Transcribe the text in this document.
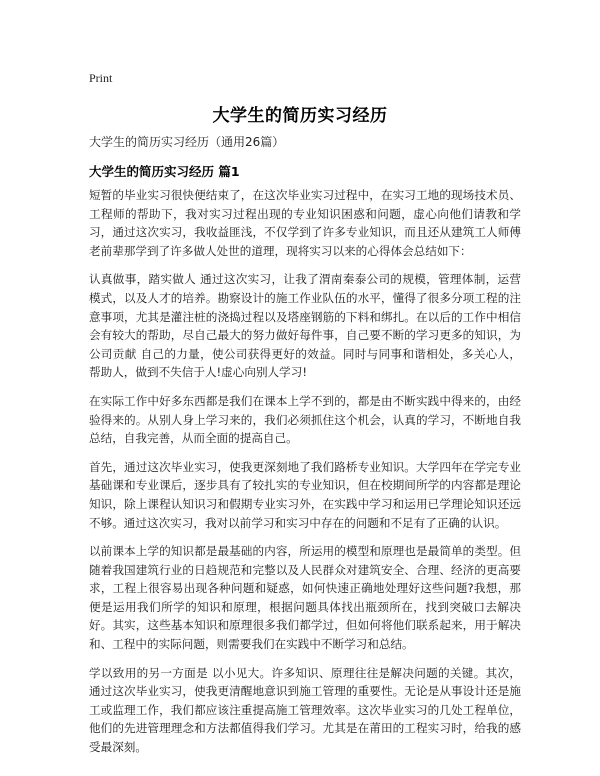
Print
大学生的简历实习经历
大学生的简历实习经历（通用26篇）
大学生的简历实习经历 篇1

短暂的毕业实习很快便结束了，在这次毕业实习过程中，在实习工地的现场技术员、工程师的帮助下，我对实习过程出现的专业知识困惑和问题，虚心向他们请教和学习，通过这次实习，我收益匪浅，不仅学到了许多专业知识，而且还从建筑工人师傅老前辈那学到了许多做人处世的道理，现将实习以来的心得体会总结如下：

认真做事，踏实做人 通过这次实习，让我了渭南秦泰公司的规模，管理体制，运营模式，以及人才的培养。勘察设计的施工作业队伍的水平，懂得了很多分项工程的注意事项，尤其是灌注桩的浇捣过程以及塔座钢筋的下料和绑扎。在以后的工作中相信会有较大的帮助，尽自己最大的努力做好每件事，自己要不断的学习更多的知识，为公司贡献 自己的力量，使公司获得更好的效益。同时与同事和谐相处，多关心人，帮助人，做到不失信于人!虚心向别人学习!

在实际工作中好多东西都是我们在课本上学不到的，都是由不断实践中得来的，由经验得来的。从别人身上学习来的，我们必须抓住这个机会，认真的学习，不断地自我总结，自我完善，从而全面的提高自己。

首先，通过这次毕业实习，使我更深刻地了我们路桥专业知识。大学四年在学完专业基础课和专业课后，逐步具有了较扎实的专业知识，但在校期间所学的内容都是理论知识，除上课程认知识习和假期专业实习外，在实践中学习和运用已学理论知识还远不够。通过这次实习，我对以前学习和实习中存在的问题和不足有了正确的认识。

以前课本上学的知识都是最基础的内容，所运用的模型和原理也是最简单的类型。但随着我国建筑行业的日趋规范和完整以及人民群众对建筑安全、合理、经济的更高要求，工程上很容易出现各种问题和疑惑，如何快速正确地处理好这些问题?我想，那便是运用我们所学的知识和原理，根据问题具体找出瓶颈所在，找到突破口去解决好。其实，这些基本知识和原理很多我们都学过，但如何将他们联系起来，用于解决和、工程中的实际问题，则需要我们在实践中不断学习和总结。

学以致用的另一方面是 以小见大。许多知识、原理往往是解决问题的关键。其次，通过这次毕业实习，使我更清醒地意识到施工管理的重要性。无论是从事设计还是施工或监理工作，我们都应该注重提高施工管理效率。这次毕业实习的几处工程单位，他们的先进管理理念和方法都值得我们学习。尤其是在莆田的工程实习时，给我的感受最深刻。
